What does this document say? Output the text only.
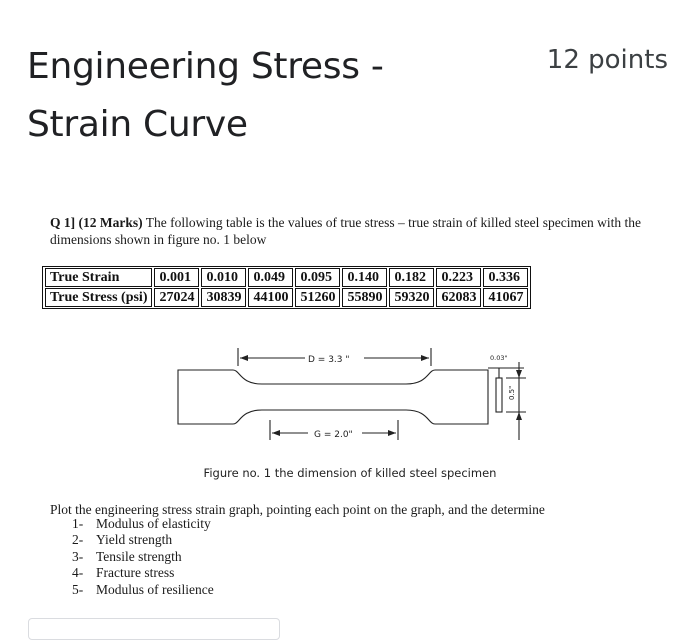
Engineering Stress - Strain Curve
12 points

Q 1] (12 Marks) The following table is the values of true stress – true strain of killed steel specimen with the dimensions shown in figure no. 1 below

True Strain	0.001	0.010	0.049	0.095	0.140	0.182	0.223	0.336
True Stress (psi)	27024	30839	44100	51260	55890	59320	62083	41067
D = 3.3 "
G = 2.0"
0.03"
0.5"
Figure no. 1 the dimension of killed steel specimen

Plot the engineering stress strain graph, pointing each point on the graph, and the determine

1- Modulus of elasticity
2- Yield strength
3- Tensile strength
4- Fracture stress
5- Modulus of resilience
